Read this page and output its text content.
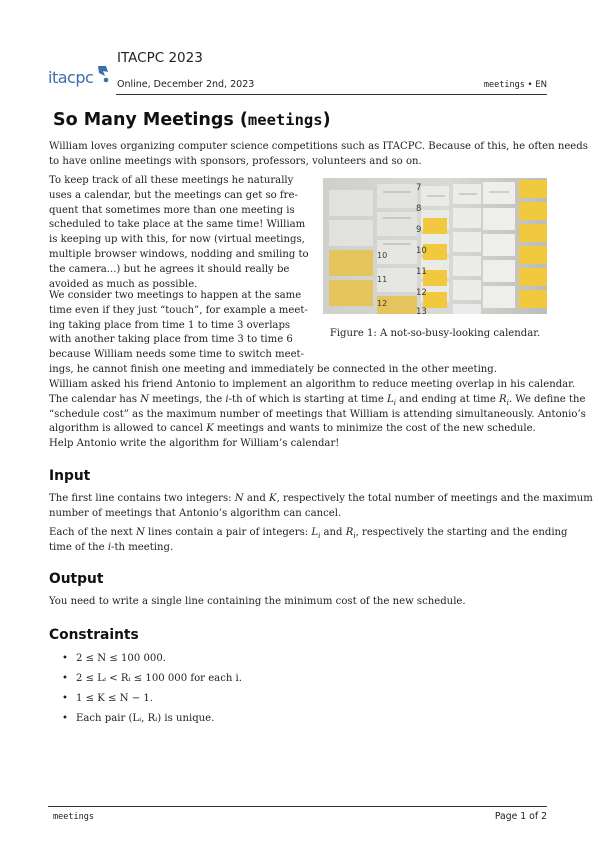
itacpc
ITACPC 2023
Online, December 2nd, 2023	meetings • EN
So Many Meetings (meetings)
William loves organizing computer science competitions such as ITACPC. Because of this, he often needs
to have online meetings with sponsors, professors, volunteers and so on.
To keep track of all these meetings he naturally
uses a calendar, but the meetings can get so fre-
quent that sometimes more than one meeting is
scheduled to take place at the same time! William
is keeping up with this, for now (virtual meetings,
multiple browser windows, nodding and smiling to
the camera...) but he agrees it should really be
avoided as much as possible.
We consider two meetings to happen at the same
time even if they just “touch”, for example a meet-
ing taking place from time 1 to time 3 overlaps
with another taking place from time 3 to time 6
because William needs some time to switch meet-
ings, he cannot finish one meeting and immediately be connected in the other meeting.
7
8
9
10
11
12
13
10
11
12
Figure 1: A not-so-busy-looking calendar.
William asked his friend Antonio to implement an algorithm to reduce meeting overlap in his calendar.
The calendar has N meetings, the i-th of which is starting at time $L_i$ and ending at time $R_i$. We define the
“schedule cost” as the maximum number of meetings that William is attending simultaneously. Antonio’s
algorithm is allowed to cancel K meetings and wants to minimize the cost of the new schedule.
Help Antonio write the algorithm for William’s calendar!
Input
The first line contains two integers: N and K, respectively the total number of meetings and the maximum
number of meetings that Antonio’s algorithm can cancel.
Each of the next N lines contain a pair of integers: $L_i$ and $R_i$, respectively the starting and the ending
time of the i-th meeting.
Output
You need to write a single line containing the minimum cost of the new schedule.
Constraints
• 2 ≤ N ≤ 100 000.
• 2 ≤ Lᵢ < Rᵢ ≤ 100 000 for each i.
• 1 ≤ K ≤ N − 1.
• Each pair (Lᵢ, Rᵢ) is unique.
meetings	Page 1 of 2
